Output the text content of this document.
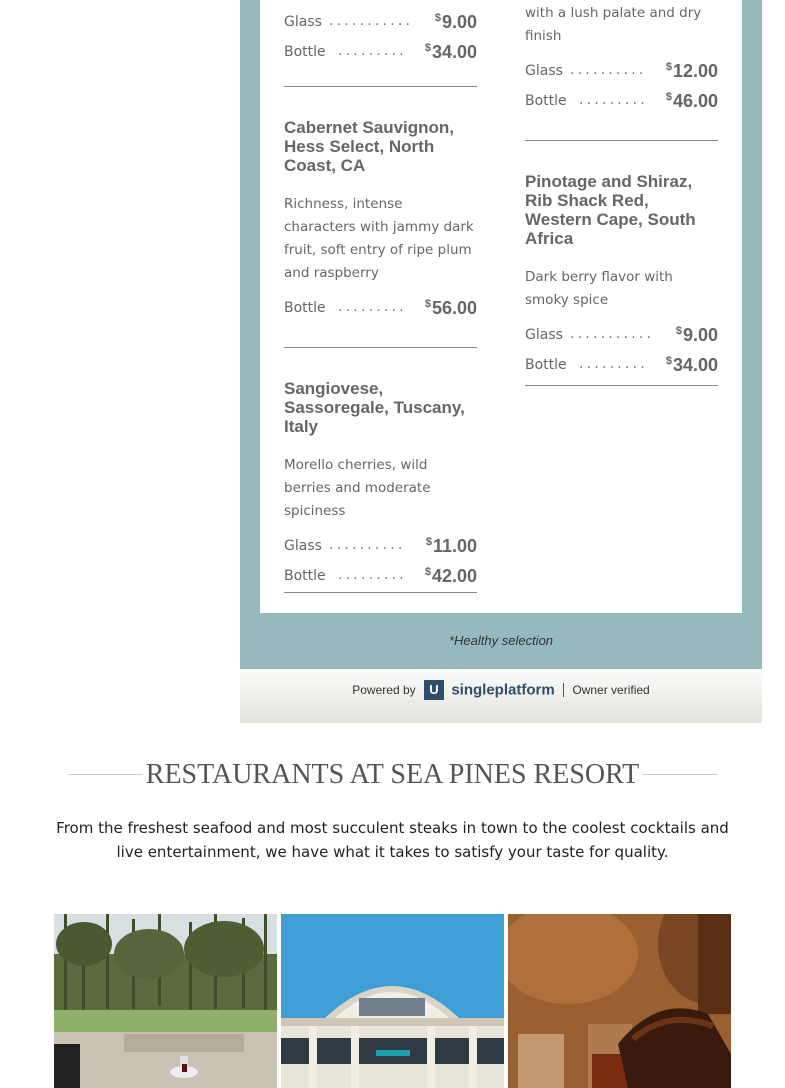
Glass ........... $9.00
Bottle ......... $34.00
Cabernet Sauvignon, Hess Select, North Coast, CA
Richness, intense characters with jammy dark fruit, soft entry of ripe plum and raspberry
Bottle ......... $56.00
Sangiovese, Sassoregale, Tuscany, Italy
Morello cherries, wild berries and moderate spiciness
Glass .......... $11.00
Bottle ......... $42.00
with a lush palate and dry finish
Glass .......... $12.00
Bottle ......... $46.00
Pinotage and Shiraz, Rib Shack Red, Western Cape, South Africa
Dark berry flavor with smoky spice
Glass ........... $9.00
Bottle ......... $34.00
*Healthy selection
Powered by U singleplatform Owner verified
RESTAURANTS AT SEA PINES RESORT
From the freshest seafood and most succulent steaks in town to the coolest cocktails and live entertainment, we have what it takes to satisfy your taste for quality.
